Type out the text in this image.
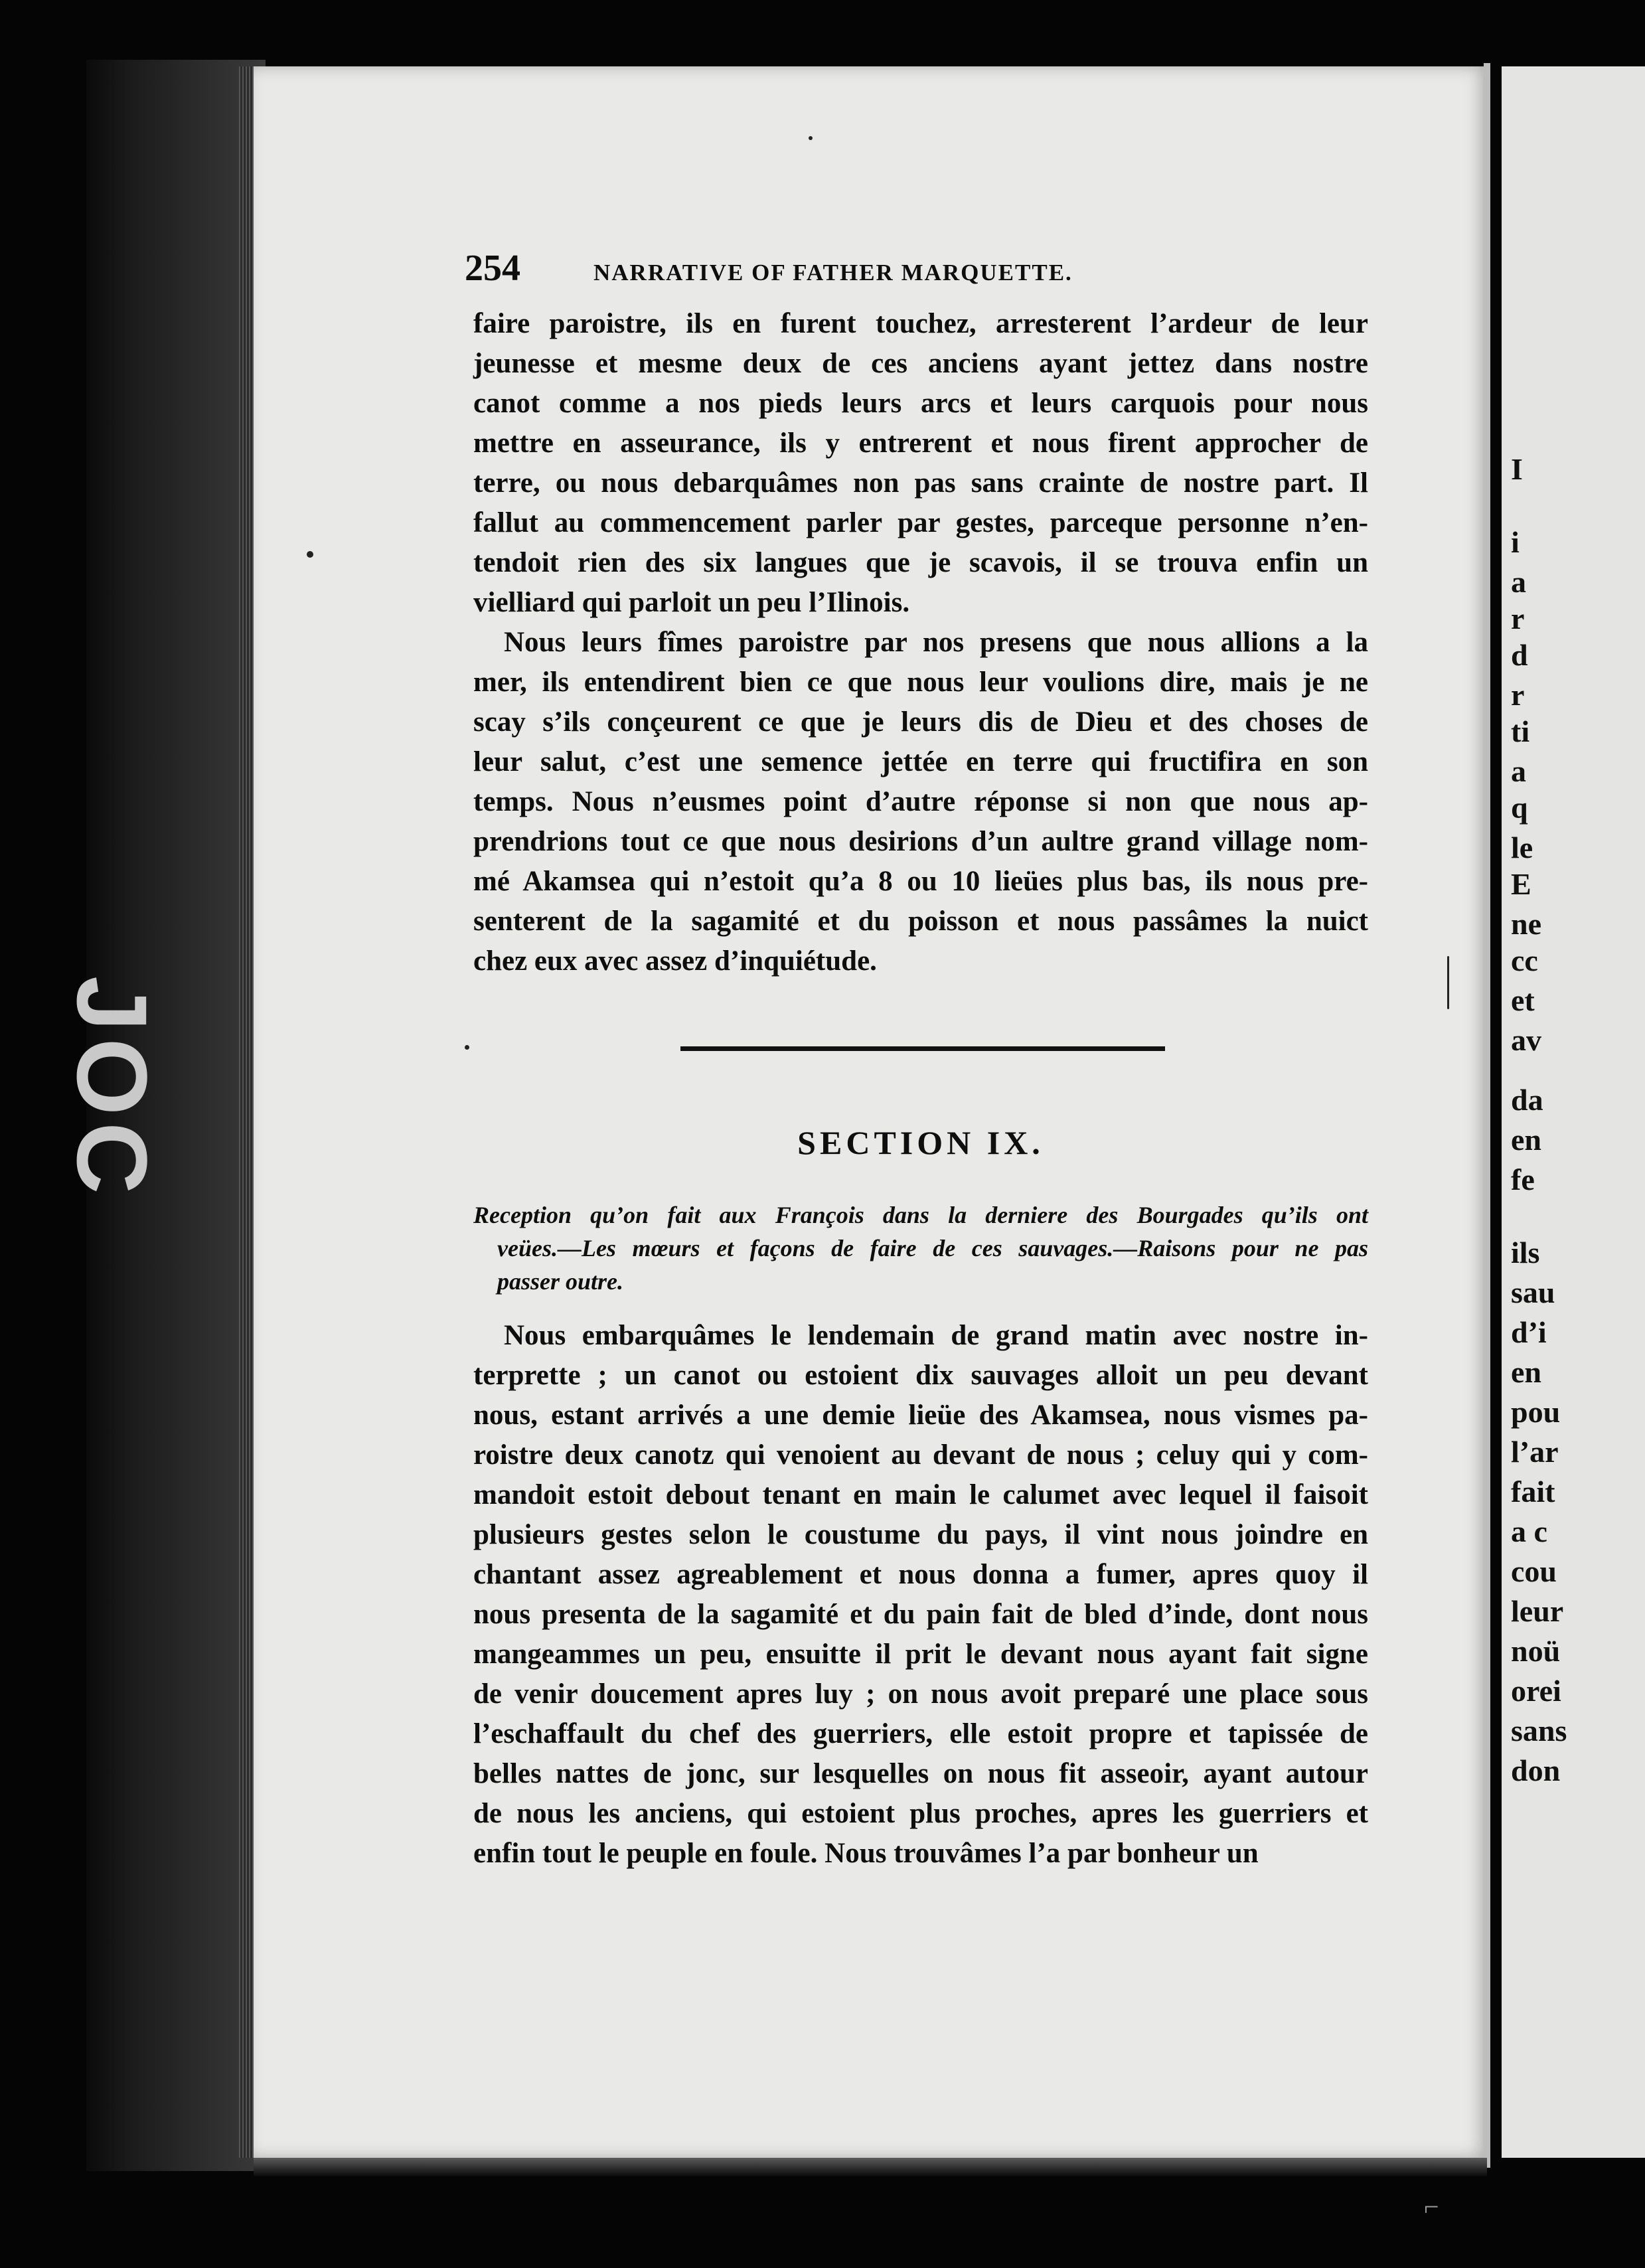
JOC
I
i
a
r
d
r
ti
a
q
le
E
ne
cc
et
av
da
en
fe
ils
sau
d’i
en
pou
l’ar
fait
a c
cou
leur
noü
orei
sans
don
⌐
254	NARRATIVE OF FATHER MARQUETTE.
faire paroistre, ils en furent touchez, arresterent l’ardeur de leur
jeunesse et mesme deux de ces anciens ayant jettez dans nostre
canot comme a nos pieds leurs arcs et leurs carquois pour nous
mettre en asseurance, ils y entrerent et nous firent approcher de
terre, ou nous debarquâmes non pas sans crainte de nostre part. Il
fallut au commencement parler par gestes, parceque personne n’en-
tendoit rien des six langues que je scavois, il se trouva enfin un
vielliard qui parloit un peu l’Ilinois.
Nous leurs fîmes paroistre par nos presens que nous allions a la
mer, ils entendirent bien ce que nous leur voulions dire, mais je ne
scay s’ils conçeurent ce que je leurs dis de Dieu et des choses de
leur salut, c’est une semence jettée en terre qui fructifira en son
temps. Nous n’eusmes point d’autre réponse si non que nous ap-
prendrions tout ce que nous desirions d’un aultre grand village nom-
mé Akamsea qui n’estoit qu’a 8 ou 10 lieües plus bas, ils nous pre-
senterent de la sagamité et du poisson et nous passâmes la nuict
chez eux avec assez d’inquiétude.
SECTION IX.
Reception qu’on fait aux François dans la derniere des Bourgades qu’ils ont
veües.—Les mœurs et façons de faire de ces sauvages.—Raisons pour ne pas
passer outre.
Nous embarquâmes le lendemain de grand matin avec nostre in-
terprette ; un canot ou estoient dix sauvages alloit un peu devant
nous, estant arrivés a une demie lieüe des Akamsea, nous vismes pa-
roistre deux canotz qui venoient au devant de nous ; celuy qui y com-
mandoit estoit debout tenant en main le calumet avec lequel il faisoit
plusieurs gestes selon le coustume du pays, il vint nous joindre en
chantant assez agreablement et nous donna a fumer, apres quoy il
nous presenta de la sagamité et du pain fait de bled d’inde, dont nous
mangeammes un peu, ensuitte il prit le devant nous ayant fait signe
de venir doucement apres luy ; on nous avoit preparé une place sous
l’eschaffault du chef des guerriers, elle estoit propre et tapissée de
belles nattes de jonc, sur lesquelles on nous fit asseoir, ayant autour
de nous les anciens, qui estoient plus proches, apres les guerriers et
enfin tout le peuple en foule. Nous trouvâmes l’a par bonheur un
